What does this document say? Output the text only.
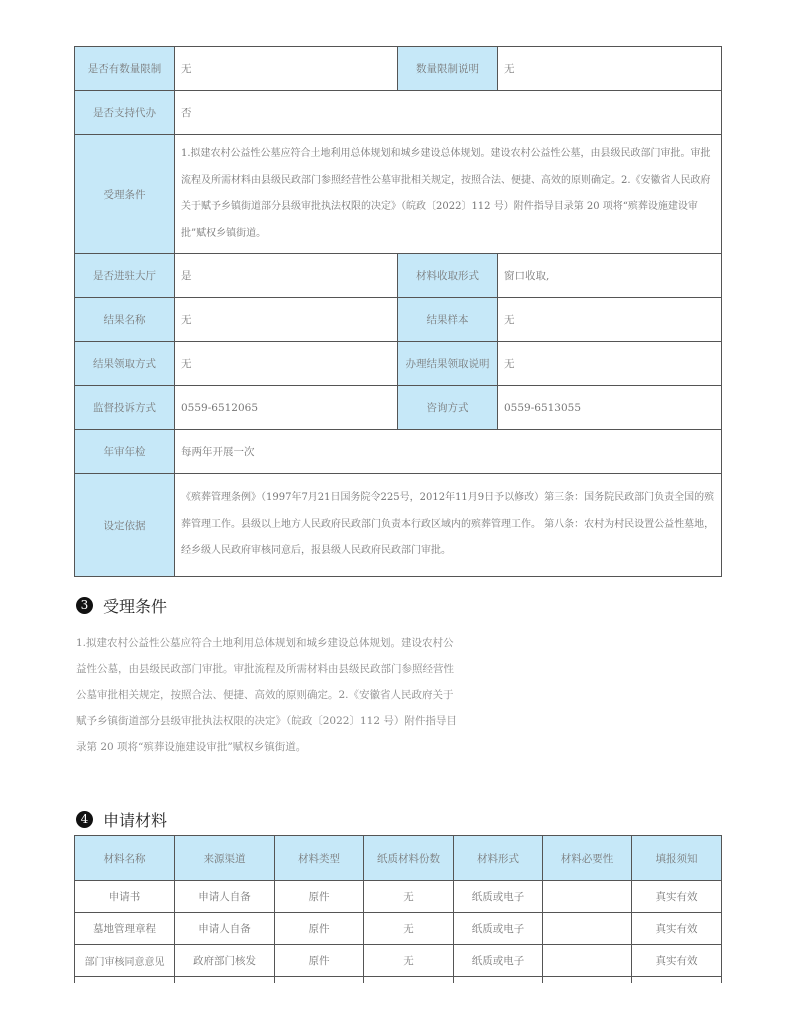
是否有数量限制	无	数量限制说明	无
是否支持代办	否		
受理条件	1.拟建农村公益性公墓应符合土地利用总体规划和城乡建设总体规划。建设农村公益性公墓，由县级民政部门审批。审批流程及所需材料由县级民政部门参照经营性公墓审批相关规定，按照合法、便捷、高效的原则确定。2.《安徽省人民政府关于赋予乡镇街道部分县级审批执法权限的决定》（皖政〔2022〕112 号）附件指导目录第 20 项将“殡葬设施建设审批”赋权乡镇街道。		
是否进驻大厅	是	材料收取形式	窗口收取,
结果名称	无	结果样本	无
结果领取方式	无	办理结果领取说明	无
监督投诉方式	0559-6512065	咨询方式	0559-6513055
年审年检	每两年开展一次		
设定依据	《殡葬管理条例》（1997年7月21日国务院令225号，2012年11月9日予以修改）第三条：国务院民政部门负责全国的殡葬管理工作。县级以上地方人民政府民政部门负责本行政区域内的殡葬管理工作。 第八条：农村为村民设置公益性墓地，经乡级人民政府审核同意后，报县级人民政府民政部门审批。		
3 受理条件

1.拟建农村公益性公墓应符合土地利用总体规划和城乡建设总体规划。建设农村公益性公墓，由县级民政部门审批。审批流程及所需材料由县级民政部门参照经营性公墓审批相关规定，按照合法、便捷、高效的原则确定。2.《安徽省人民政府关于赋予乡镇街道部分县级审批执法权限的决定》（皖政〔2022〕112 号）附件指导目录第 20 项将“殡葬设施建设审批”赋权乡镇街道。

4 申请材料
材料名称	来源渠道	材料类型	纸质材料份数	材料形式	材料必要性	填报须知
申请书	申请人自备	原件	无	纸质或电子		真实有效
墓地管理章程	申请人自备	原件	无	纸质或电子		真实有效
部门审核同意意见	政府部门核发	原件	无	纸质或电子		真实有效
